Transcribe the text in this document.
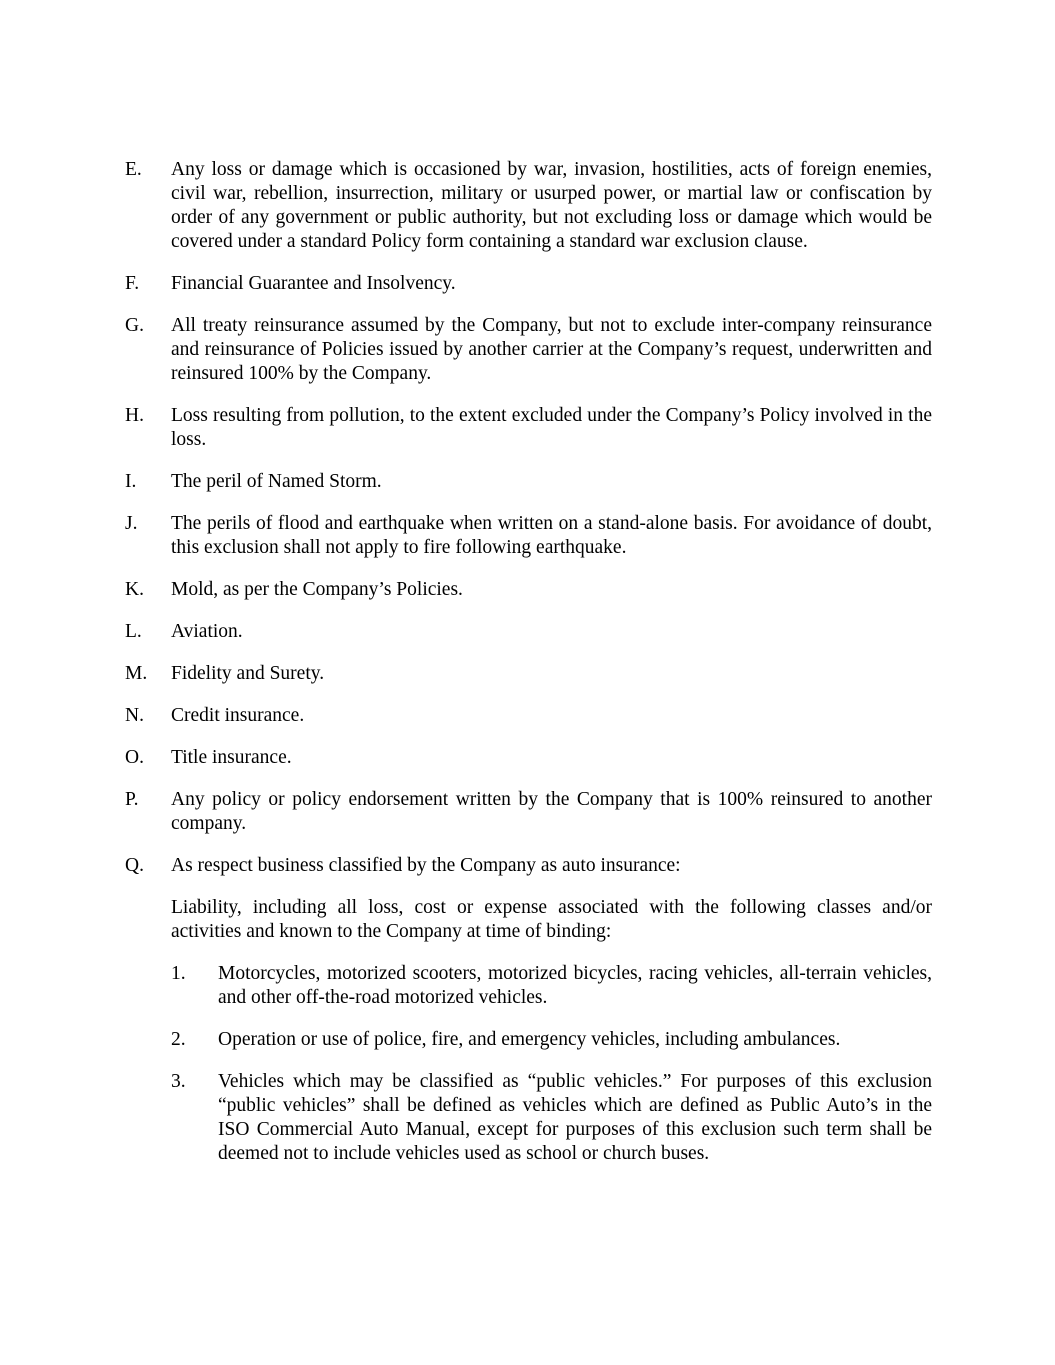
E.	Any loss or damage which is occasioned by war, invasion, hostilities, acts of foreign enemies, civil war, rebellion, insurrection, military or usurped power, or martial law or confiscation by order of any government or public authority, but not excluding loss or damage which would be covered under a standard Policy form containing a standard war exclusion clause.
F.	Financial Guarantee and Insolvency.
G.	All treaty reinsurance assumed by the Company, but not to exclude inter-company reinsurance and reinsurance of Policies issued by another carrier at the Company’s request, underwritten and reinsured 100% by the Company.
H.	Loss resulting from pollution, to the extent excluded under the Company’s Policy involved in the loss.
I.	The peril of Named Storm.
J.	The perils of flood and earthquake when written on a stand-alone basis. For avoidance of doubt, this exclusion shall not apply to fire following earthquake.
K.	Mold, as per the Company’s Policies.
L.	Aviation.
M.	Fidelity and Surety.
N.	Credit insurance.
O.	Title insurance.
P.	Any policy or policy endorsement written by the Company that is 100% reinsured to another company.
Q.	As respect business classified by the Company as auto insurance:
Liability, including all loss, cost or expense associated with the following classes and/or activities and known to the Company at time of binding:
1.	Motorcycles, motorized scooters, motorized bicycles, racing vehicles, all-terrain vehicles, and other off-the-road motorized vehicles.
2.	Operation or use of police, fire, and emergency vehicles, including ambulances.
3.	Vehicles which may be classified as “public vehicles.” For purposes of this exclusion “public vehicles” shall be defined as vehicles which are defined as Public Auto’s in the ISO Commercial Auto Manual, except for purposes of this exclusion such term shall be deemed not to include vehicles used as school or church buses.
